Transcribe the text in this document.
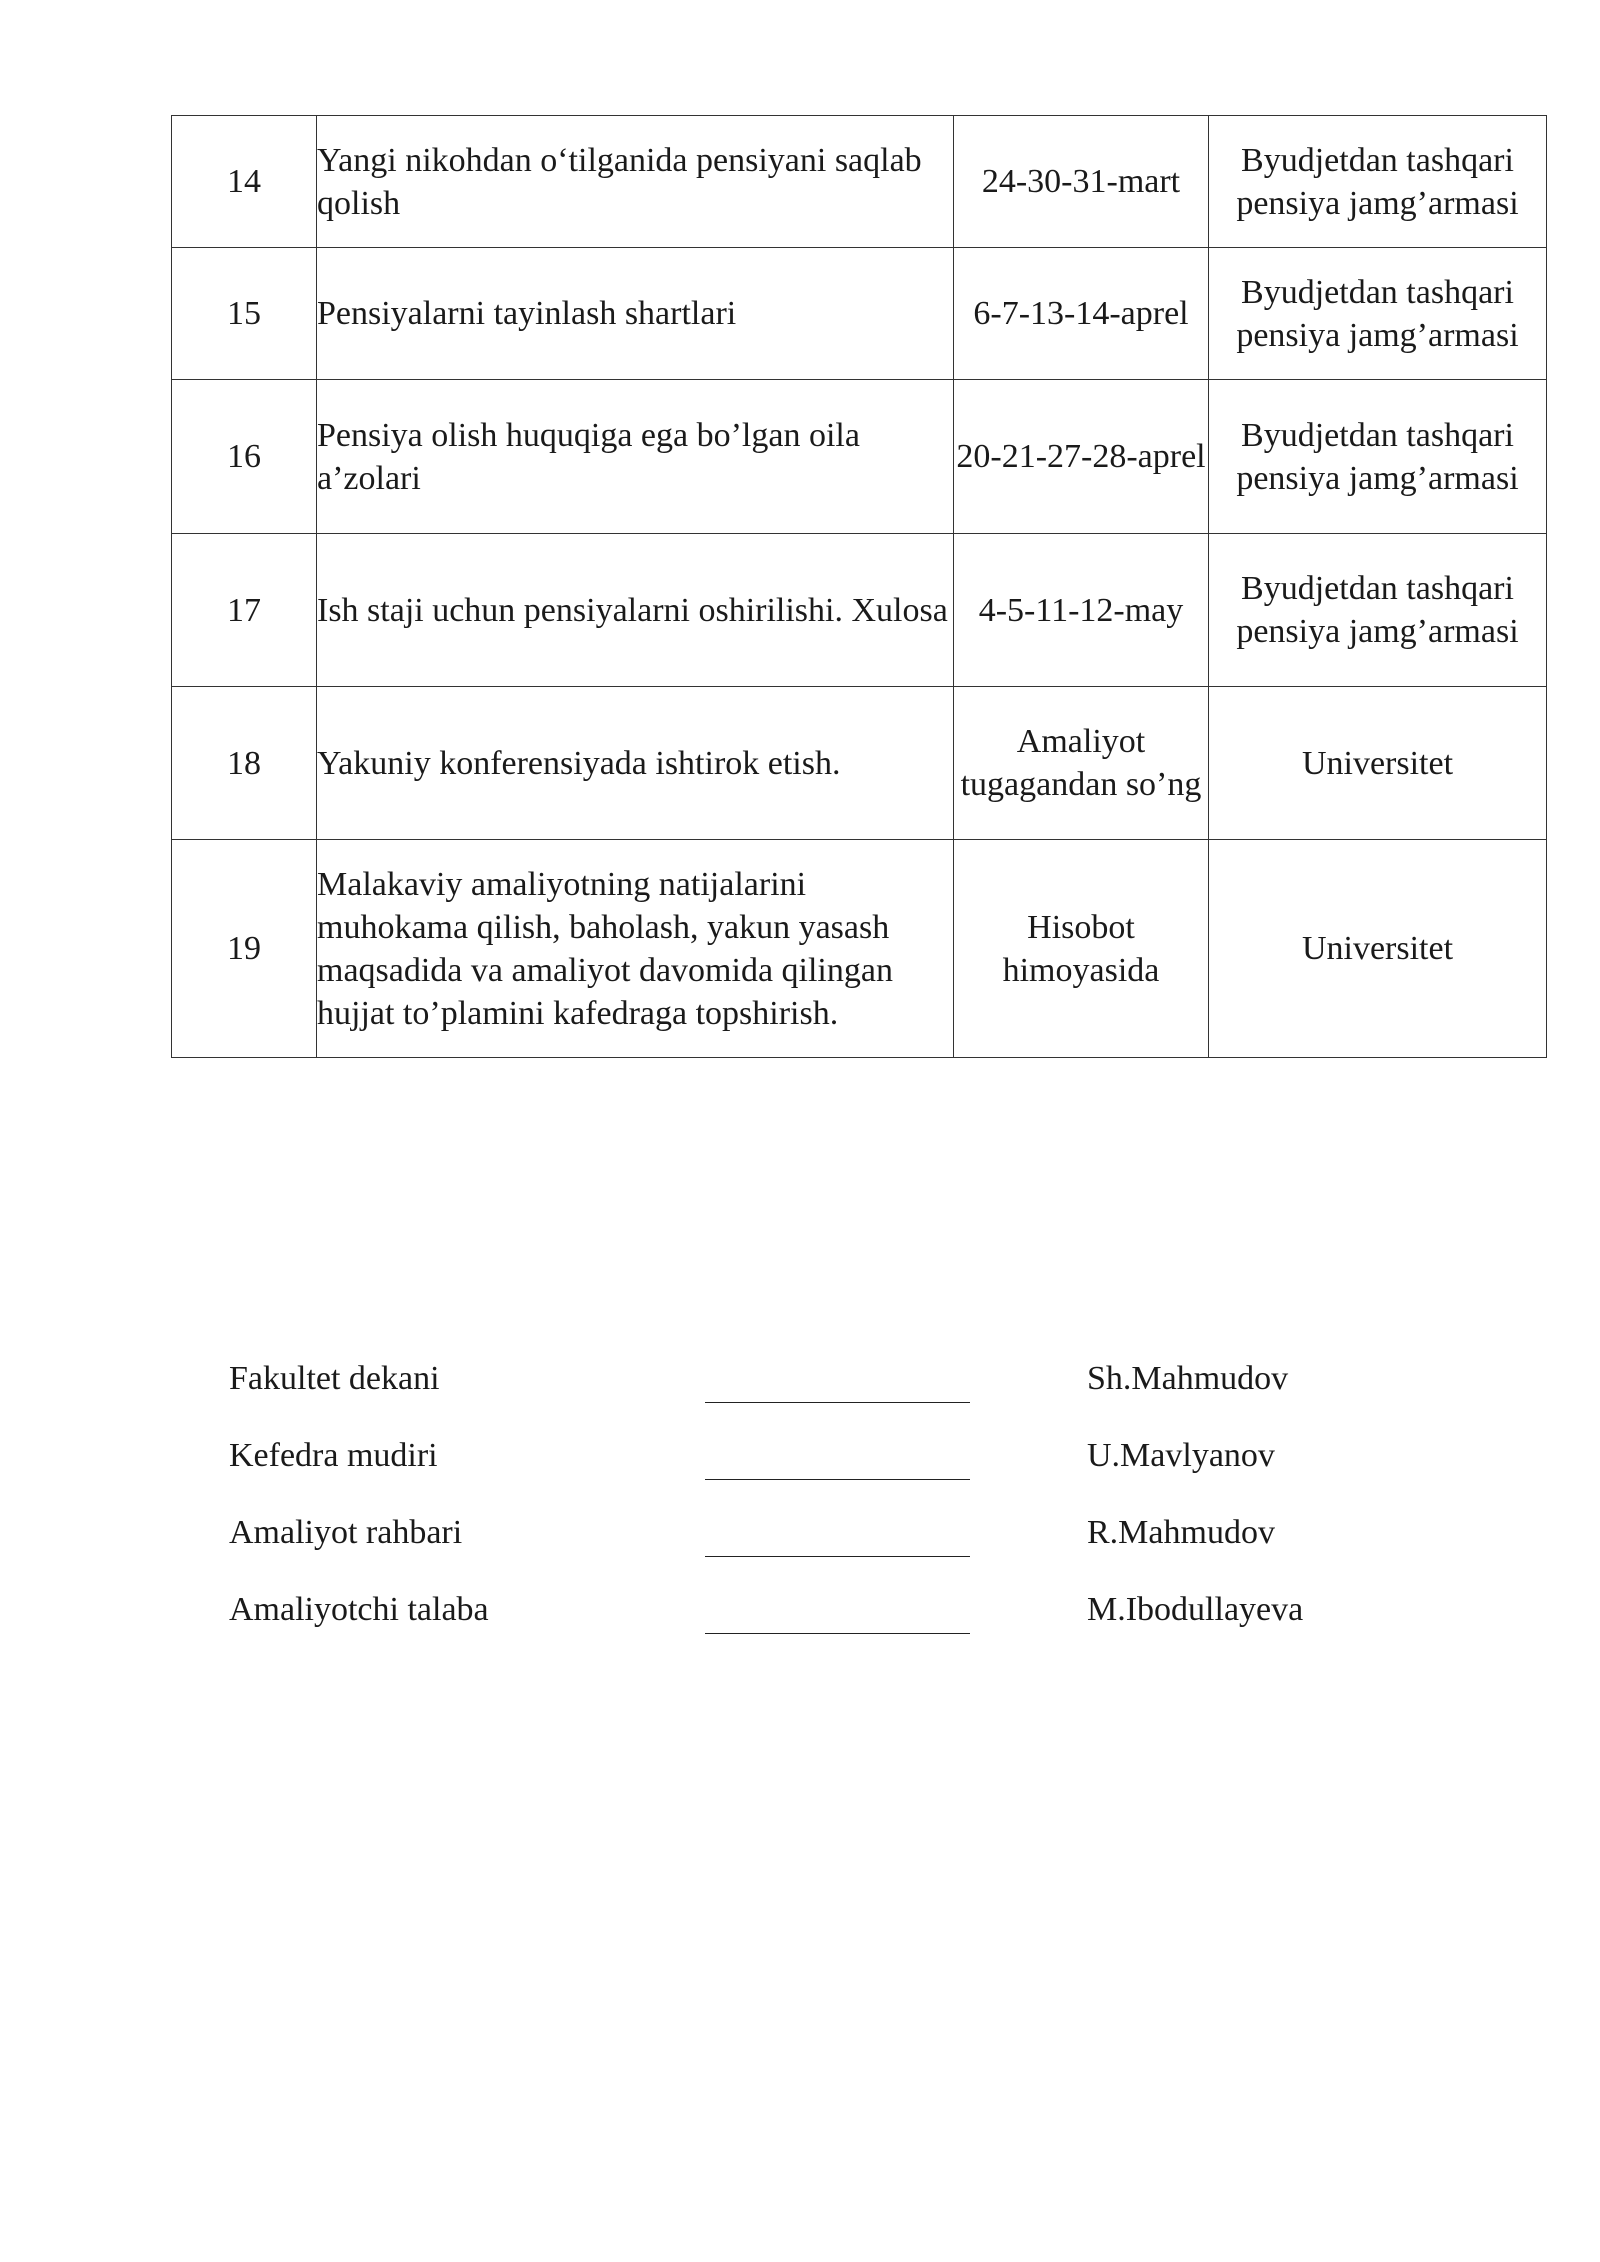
14	Yangi nikohdan o‘tilganida pensiyani saqlab qolish	24-30-31-mart	Byudjetdan tashqari pensiya jamg’armasi
15	Pensiyalarni tayinlash shartlari	6-7-13-14-aprel	Byudjetdan tashqari pensiya jamg’armasi
16	Pensiya olish huquqiga ega bo’lgan oila a’zolari	20-21-27-28-aprel	Byudjetdan tashqari pensiya jamg’armasi
17	Ish staji uchun pensiyalarni oshirilishi. Xulosa	4-5-11-12-may	Byudjetdan tashqari pensiya jamg’armasi
18	Yakuniy konferensiyada ishtirok etish.	Amaliyot tugagandan so’ng	Universitet
19	Malakaviy amaliyotning natijalarini muhokama qilish, baholash, yakun yasash maqsadida va amaliyot davomida qilingan hujjat to’plamini kafedraga topshirish.	Hisobot himoyasida	Universitet
Fakultet dekani	Sh.Mahmudov
Kefedra mudiri	U.Mavlyanov
Amaliyot rahbari	R.Mahmudov
Amaliyotchi talaba	M.Ibodullayeva
